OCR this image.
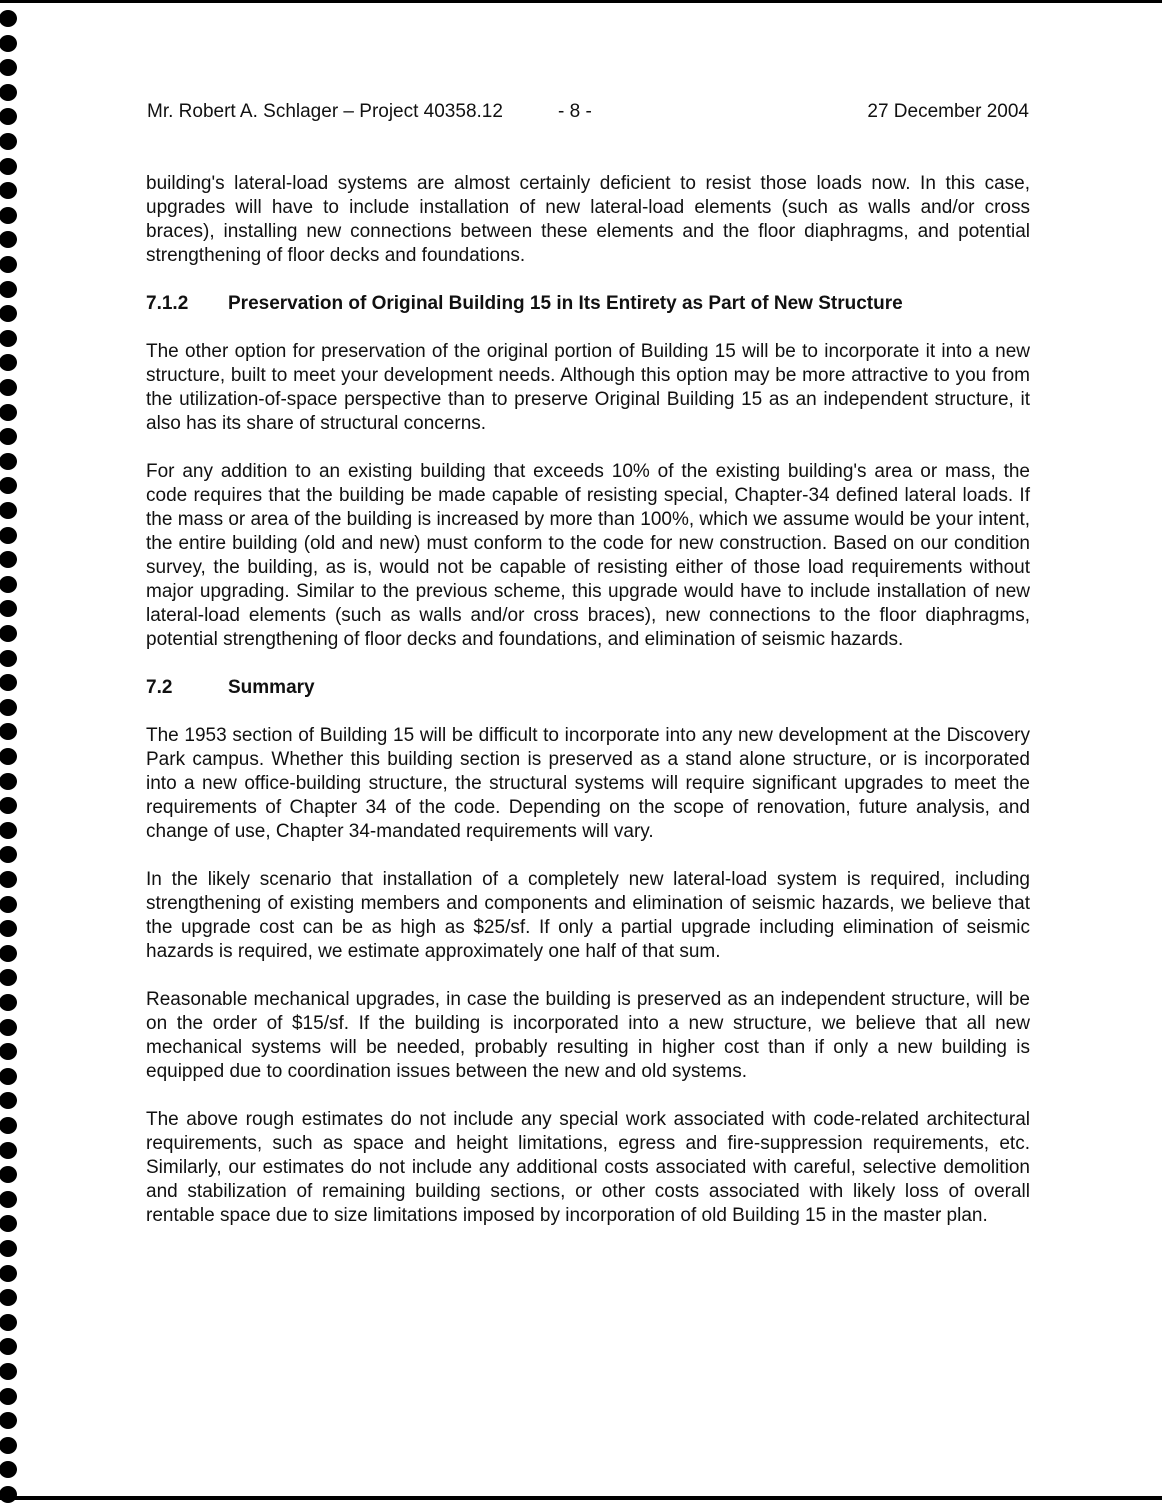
Mr. Robert A. Schlager – Project 40358.12	- 8 -	27 December 2004

building's lateral-load systems are almost certainly deficient to resist those loads now. In this case, upgrades will have to include installation of new lateral-load elements (such as walls and/or cross braces), installing new connections between these elements and the floor diaphragms, and potential strengthening of floor decks and foundations.

7.1.2	Preservation of Original Building 15 in Its Entirety as Part of New Structure

The other option for preservation of the original portion of Building 15 will be to incorporate it into a new structure, built to meet your development needs. Although this option may be more attractive to you from the utilization-of-space perspective than to preserve Original Building 15 as an independent structure, it also has its share of structural concerns.

For any addition to an existing building that exceeds 10% of the existing building's area or mass, the code requires that the building be made capable of resisting special, Chapter-34 defined lateral loads. If the mass or area of the building is increased by more than 100%, which we assume would be your intent, the entire building (old and new) must conform to the code for new construction. Based on our condition survey, the building, as is, would not be capable of resisting either of those load requirements without major upgrading. Similar to the previous scheme, this upgrade would have to include installation of new lateral-load elements (such as walls and/or cross braces), new connections to the floor diaphragms, potential strengthening of floor decks and foundations, and elimination of seismic hazards.

7.2	Summary

The 1953 section of Building 15 will be difficult to incorporate into any new development at the Discovery Park campus. Whether this building section is preserved as a stand alone structure, or is incorporated into a new office-building structure, the structural systems will require significant upgrades to meet the requirements of Chapter 34 of the code. Depending on the scope of renovation, future analysis, and change of use, Chapter 34-mandated requirements will vary.

In the likely scenario that installation of a completely new lateral-load system is required, including strengthening of existing members and components and elimination of seismic hazards, we believe that the upgrade cost can be as high as $25/sf. If only a partial upgrade including elimination of seismic hazards is required, we estimate approximately one half of that sum.

Reasonable mechanical upgrades, in case the building is preserved as an independent structure, will be on the order of $15/sf. If the building is incorporated into a new structure, we believe that all new mechanical systems will be needed, probably resulting in higher cost than if only a new building is equipped due to coordination issues between the new and old systems.

The above rough estimates do not include any special work associated with code-related architectural requirements, such as space and height limitations, egress and fire-suppression requirements, etc. Similarly, our estimates do not include any additional costs associated with careful, selective demolition and stabilization of remaining building sections, or other costs associated with likely loss of overall rentable space due to size limitations imposed by incorporation of old Building 15 in the master plan.
